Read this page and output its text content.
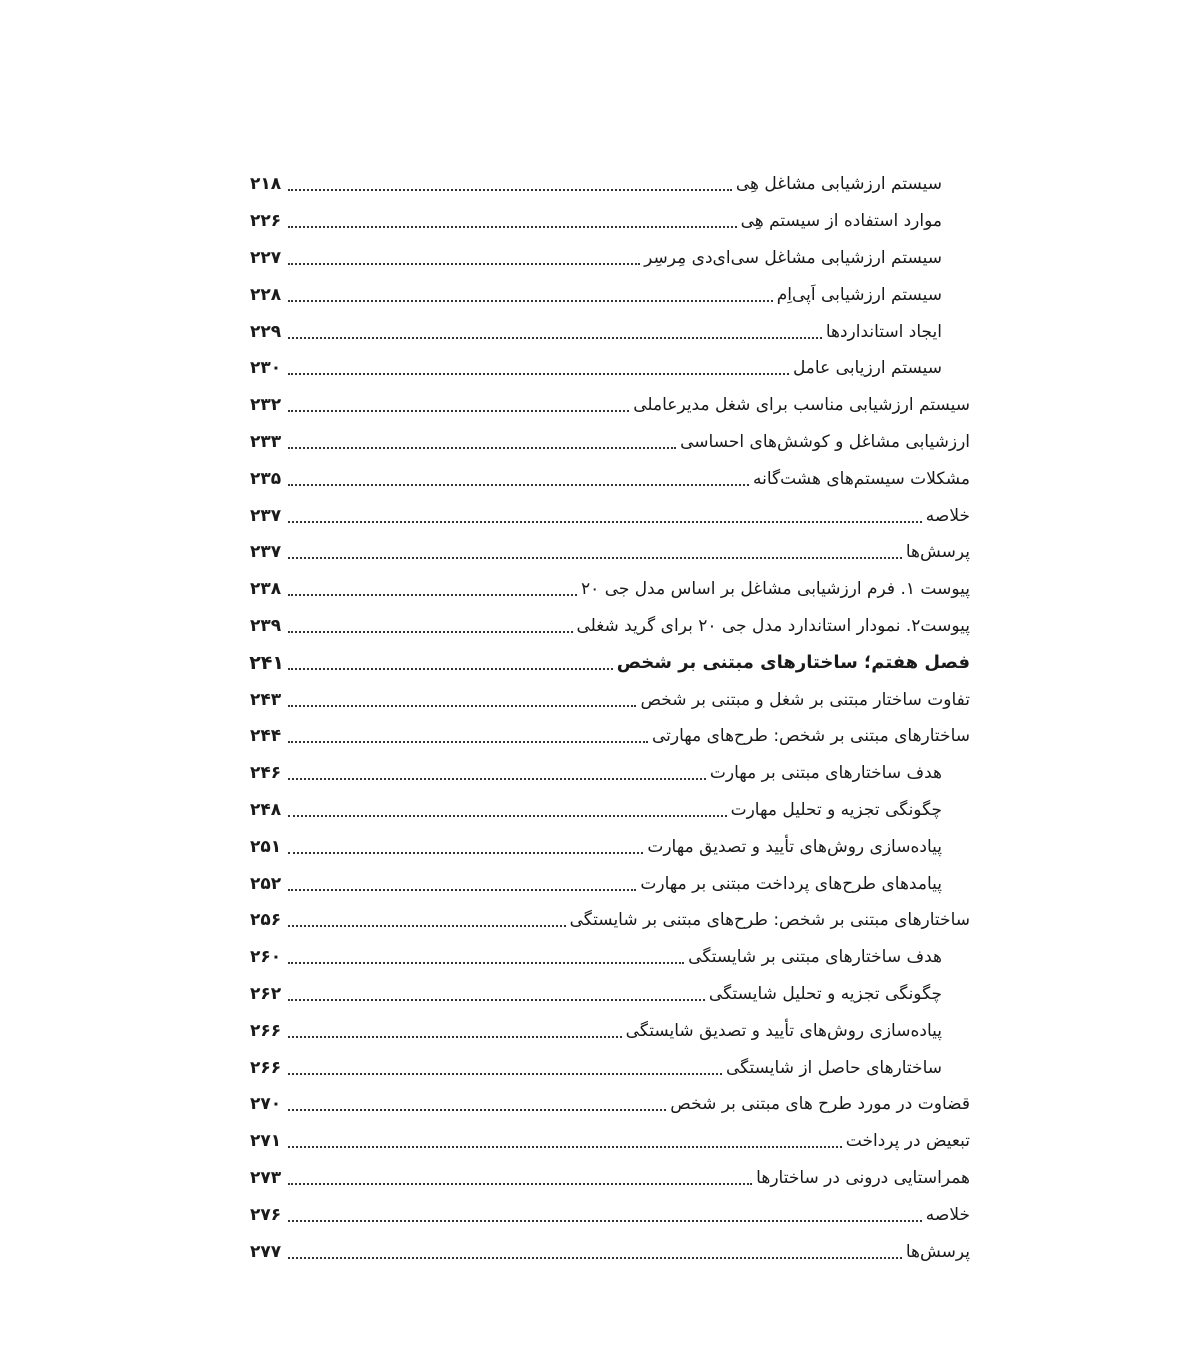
سیستم ارزشیابی مشاغل هِی
۲۱۸
موارد استفاده از سیستم هِی
۲۲۶
سیستم ارزشیابی مشاغل سی‌ای‌دی مِرسِر
۲۲۷
سیستم ارزشیابی اَپی‌اِم
۲۲۸
ایجاد استانداردها
۲۲۹
سیستم ارزیابی عامل
۲۳۰
سیستم ارزشیابی مناسب برای شغل مدیرعاملی
۲۳۲
ارزشیابی مشاغل و کوشش‌های احساسی
۲۳۳
مشکلات سیستم‌های هشت‌گانه
۲۳۵
خلاصه
۲۳۷
پرسش‌ها
۲۳۷
پیوست ۱. فرم ارزشیابی مشاغل بر اساس مدل جی ۲۰
۲۳۸
پیوست۲. نمودار استاندارد مدل جی ۲۰ برای گرید شغلی
۲۳۹
فصل هفتم؛ ساختارهای مبتنی بر شخص
۲۴۱
تفاوت ساختار مبتنی بر شغل و مبتنی بر شخص
۲۴۳
ساختارهای مبتنی بر شخص: طرح‌های مهارتی
۲۴۴
هدف ساختارهای مبتنی بر مهارت
۲۴۶
چگونگی تجزیه و تحلیل مهارت
۲۴۸
پیاده‌سازی روش‌های تأیید و تصدیق مهارت
۲۵۱
پیامدهای طرح‌های پرداخت مبتنی بر مهارت
۲۵۲
ساختارهای مبتنی بر شخص: طرح‌های مبتنی بر شایستگی
۲۵۶
هدف ساختارهای مبتنی بر شایستگی
۲۶۰
چگونگی تجزیه و تحلیل شایستگی
۲۶۲
پیاده‌سازی روش‌های تأیید و تصدیق شایستگی
۲۶۶
ساختارهای حاصل از شایستگی
۲۶۶
قضاوت در مورد طرح های مبتنی بر شخص
۲۷۰
تبعیض در پرداخت
۲۷۱
همراستایی درونی در ساختارها
۲۷۳
خلاصه
۲۷۶
پرسش‌ها
۲۷۷
